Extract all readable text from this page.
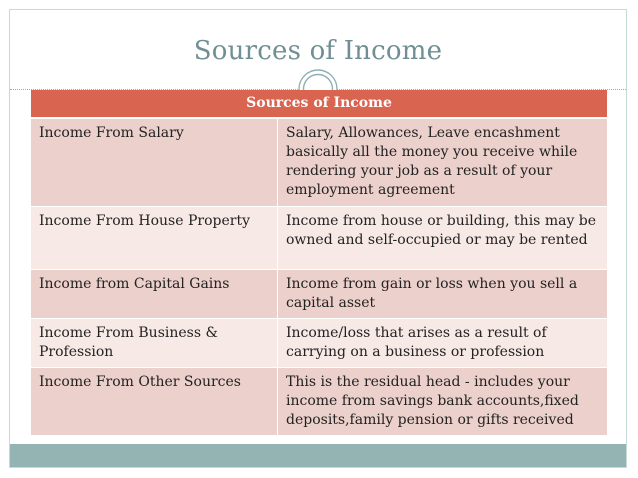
Sources of Income
Sources of Income	
Income From Salary	Salary, Allowances, Leave encashment basically all the money you receive while rendering your job as a result of your employment agreement
Income From House Property	Income from house or building, this may be owned and self-occupied or may be rented
Income from Capital Gains	Income from gain or loss when you sell a capital asset
Income From Business & Profession	Income/loss that arises as a result of carrying on a business or profession
Income From Other Sources	This is the residual head - includes your income from savings bank accounts,fixed deposits,family pension or gifts received
